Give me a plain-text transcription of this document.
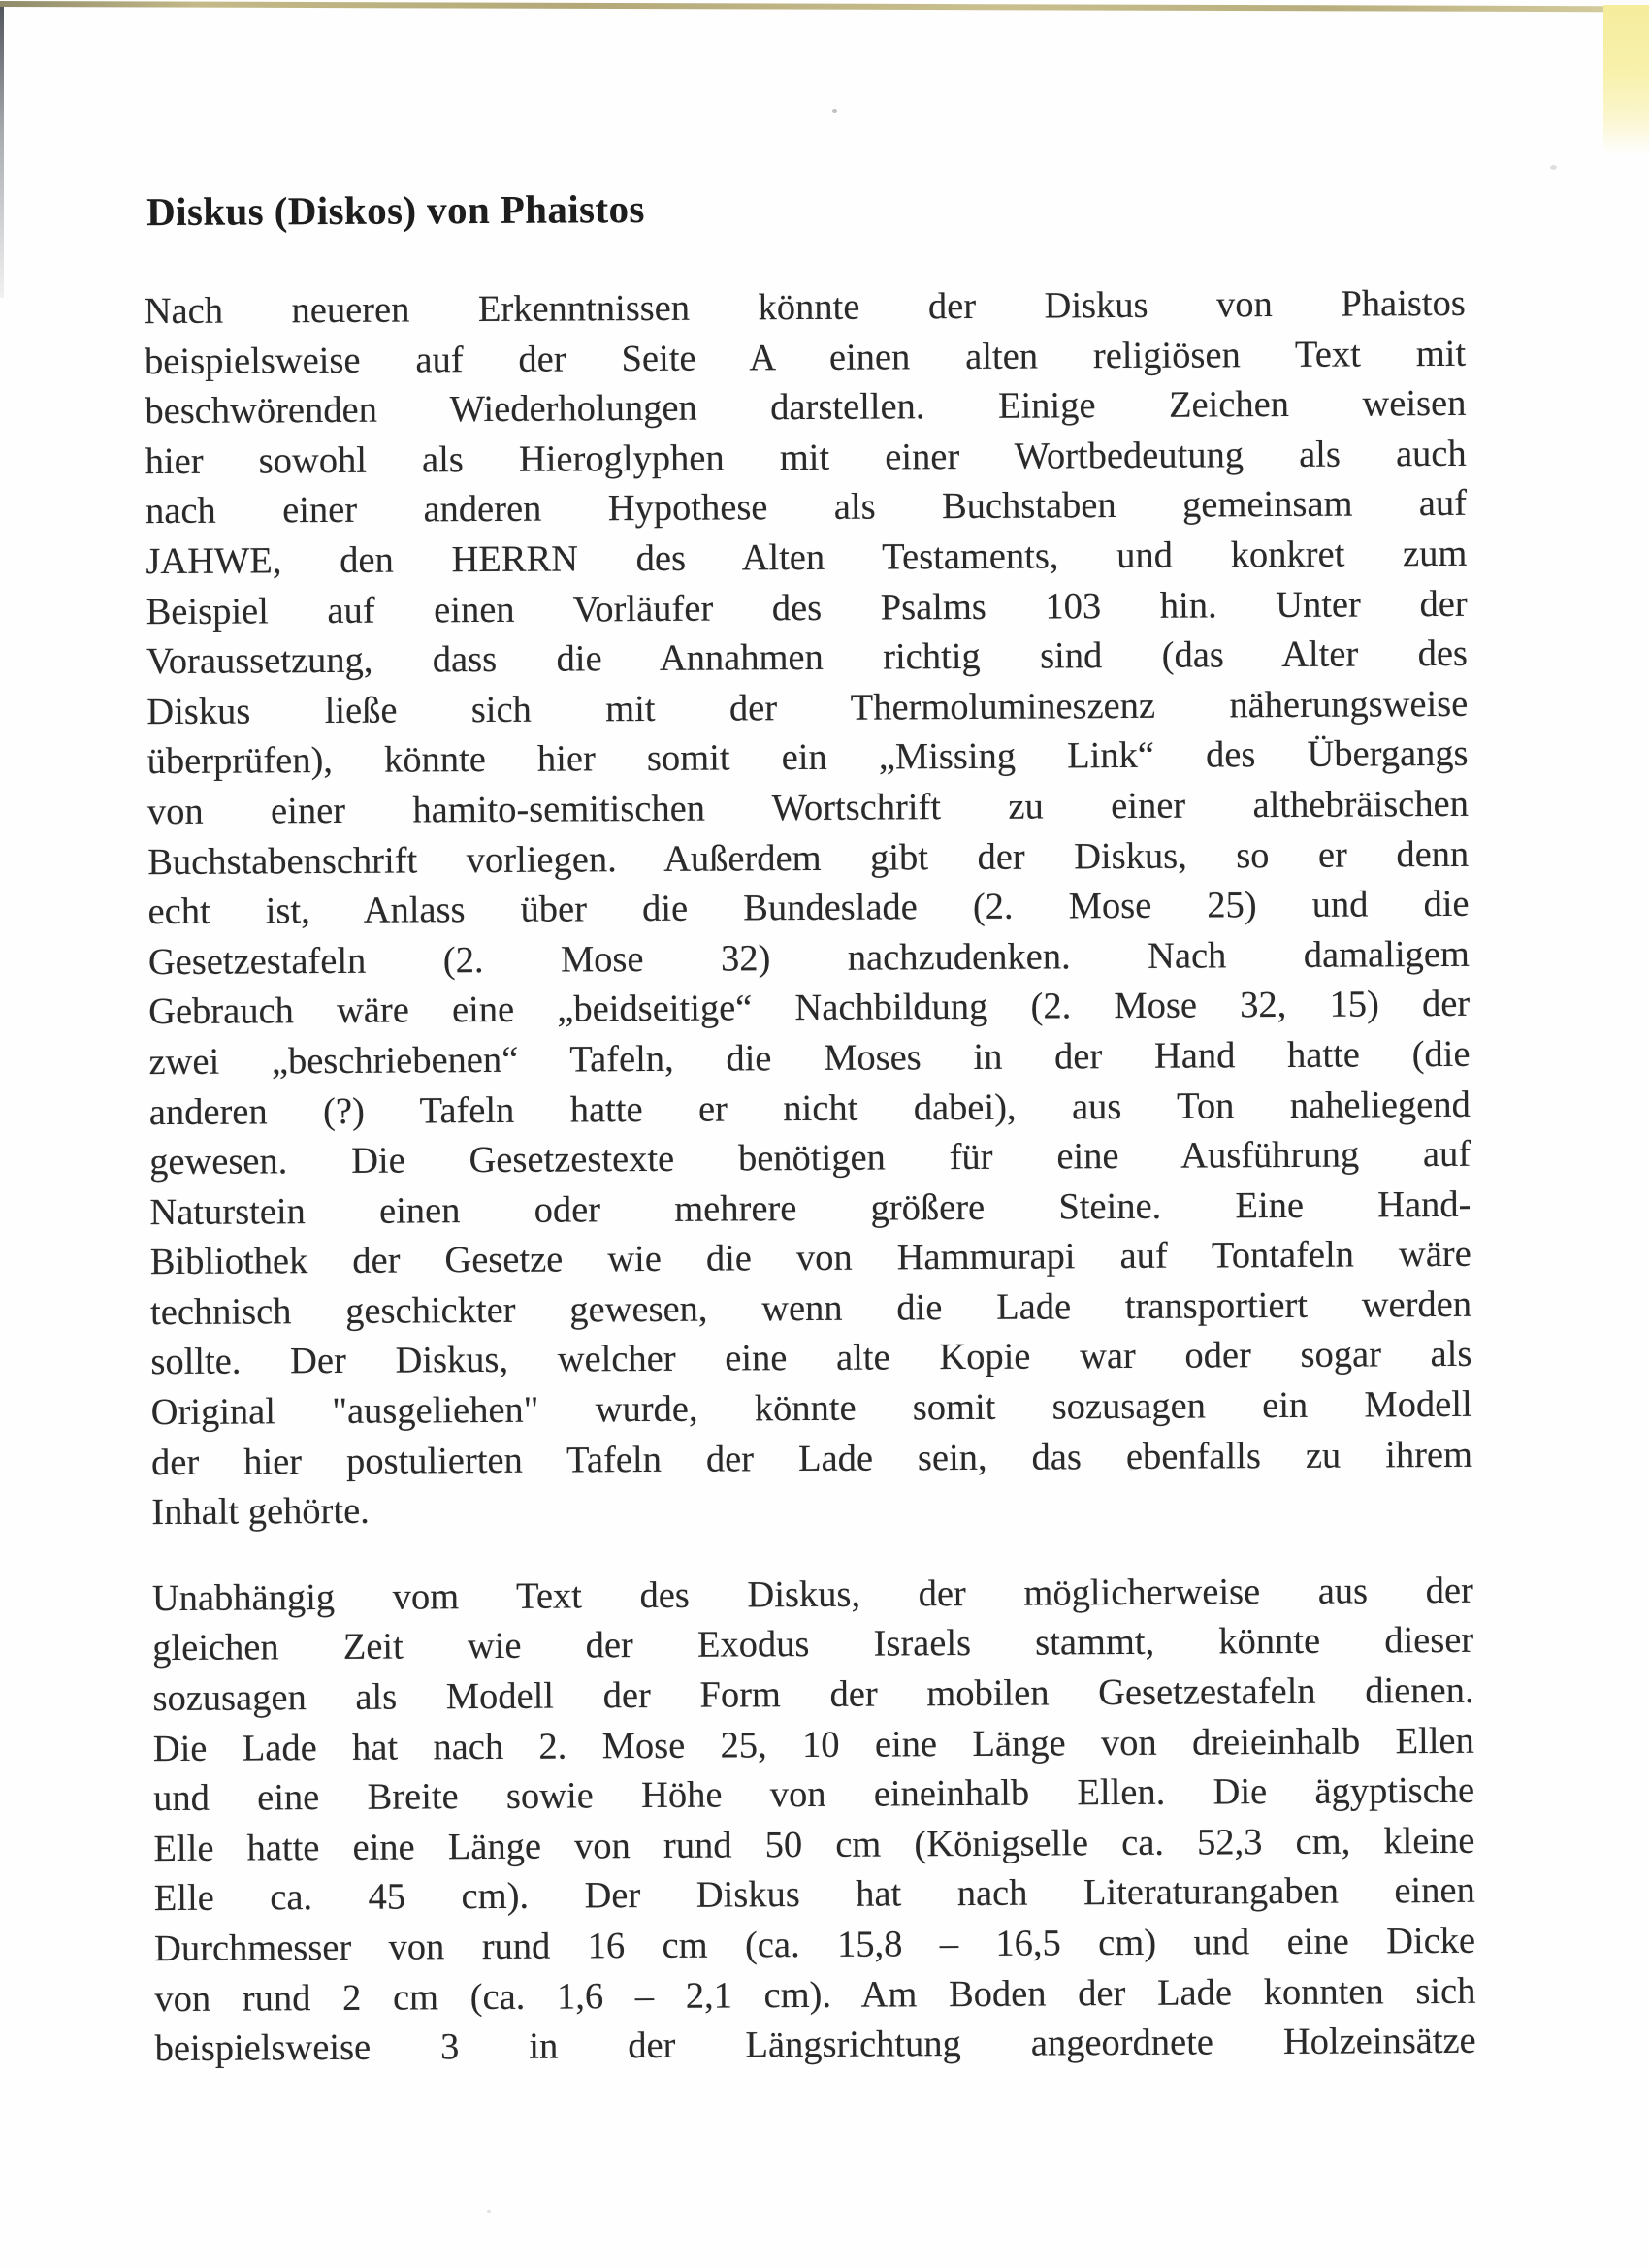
Diskus (Diskos) von Phaistos
Nach neueren Erkenntnissen könnte der Diskus von Phaistos
beispielsweise auf der Seite A einen alten religiösen Text mit
beschwörenden Wiederholungen darstellen. Einige Zeichen weisen
hier sowohl als Hieroglyphen mit einer Wortbedeutung als auch
nach einer anderen Hypothese als Buchstaben gemeinsam auf
JAHWE, den HERRN des Alten Testaments, und konkret zum
Beispiel auf einen Vorläufer des Psalms 103 hin. Unter der
Voraussetzung, dass die Annahmen richtig sind (das Alter des
Diskus ließe sich mit der Thermolumineszenz näherungsweise
überprüfen), könnte hier somit ein „Missing Link“ des Übergangs
von einer hamito-semitischen Wortschrift zu einer althebräischen
Buchstabenschrift vorliegen. Außerdem gibt der Diskus, so er denn
echt ist, Anlass über die Bundeslade (2. Mose 25) und die
Gesetzestafeln (2. Mose 32) nachzudenken. Nach damaligem
Gebrauch wäre eine „beidseitige“ Nachbildung (2. Mose 32, 15) der
zwei „beschriebenen“ Tafeln, die Moses in der Hand hatte (die
anderen (?) Tafeln hatte er nicht dabei), aus Ton naheliegend
gewesen. Die Gesetzestexte benötigen für eine Ausführung auf
Naturstein einen oder mehrere größere Steine. Eine Hand-
Bibliothek der Gesetze wie die von Hammurapi auf Tontafeln wäre
technisch geschickter gewesen, wenn die Lade transportiert werden
sollte. Der Diskus, welcher eine alte Kopie war oder sogar als
Original "ausgeliehen" wurde, könnte somit sozusagen ein Modell
der hier postulierten Tafeln der Lade sein, das ebenfalls zu ihrem
Inhalt gehörte.
Unabhängig vom Text des Diskus, der möglicherweise aus der
gleichen Zeit wie der Exodus Israels stammt, könnte dieser
sozusagen als Modell der Form der mobilen Gesetzestafeln dienen.
Die Lade hat nach 2. Mose 25, 10 eine Länge von dreieinhalb Ellen
und eine Breite sowie Höhe von eineinhalb Ellen. Die ägyptische
Elle hatte eine Länge von rund 50 cm (Königselle ca. 52,3 cm, kleine
Elle ca. 45 cm). Der Diskus hat nach Literaturangaben einen
Durchmesser von rund 16 cm (ca. 15,8 – 16,5 cm) und eine Dicke
von rund 2 cm (ca. 1,6 – 2,1 cm). Am Boden der Lade konnten sich
beispielsweise 3 in der Längsrichtung angeordnete Holzeinsätze
